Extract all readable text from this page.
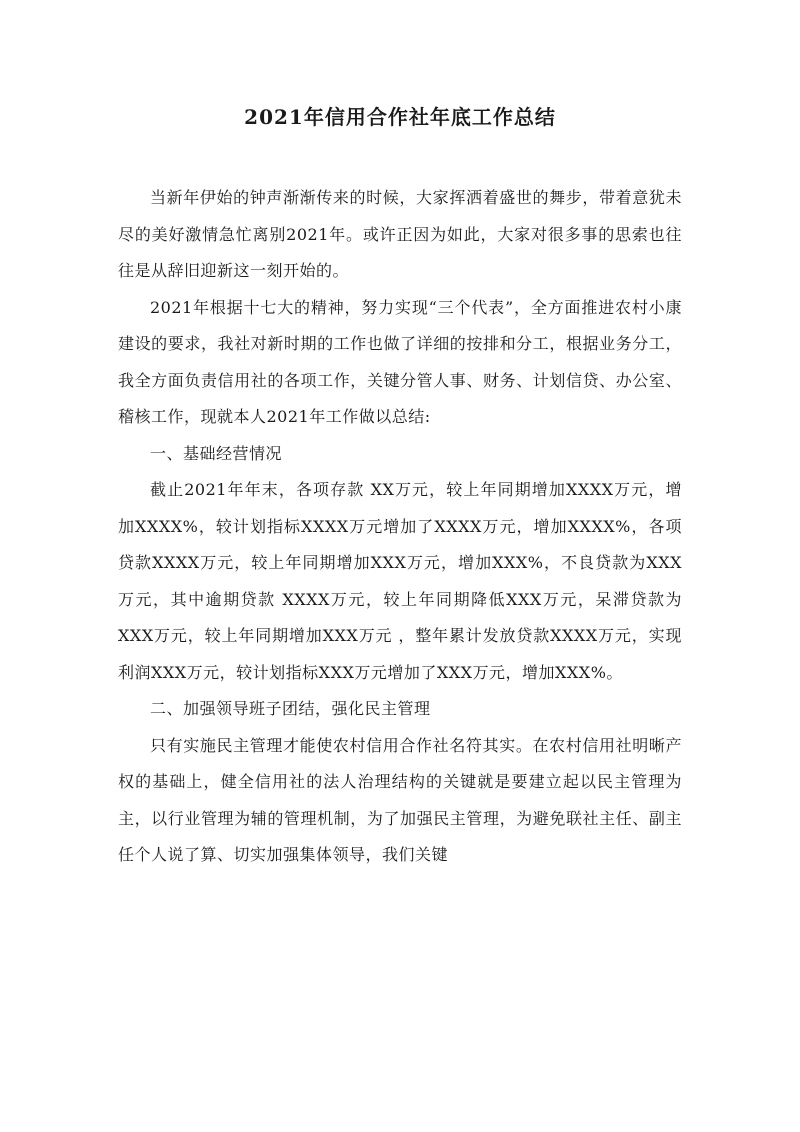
2021年信用合作社年底工作总结

当新年伊始的钟声渐渐传来的时候，大家挥洒着盛世的舞步，带着意犹未尽的美好激情急忙离别2021年。或许正因为如此，大家对很多事的思索也往往是从辞旧迎新这一刻开始的。

2021年根据十七大的精神，努力实现“三个代表”，全方面推进农村小康建设的要求，我社对新时期的工作也做了详细的按排和分工，根据业务分工，我全方面负责信用社的各项工作，关键分管人事、财务、计划信贷、办公室、稽核工作，现就本人2021年工作做以总结:

一、基础经营情况

截止2021年年末，各项存款 XX万元，较上年同期增加XXXX万元，增加XXXX%，较计划指标XXXX万元增加了XXXX万元，增加XXXX%，各项贷款XXXX万元，较上年同期增加XXX万元，增加XXX%，不良贷款为XXX万元，其中逾期贷款 XXXX万元，较上年同期降低XXX万元，呆滞贷款为XXX万元，较上年同期增加XXX万元 ，整年累计发放贷款XXXX万元，实现利润XXX万元，较计划指标XXX万元增加了XXX万元，增加XXX%。

二、加强领导班子团结，强化民主管理

只有实施民主管理才能使农村信用合作社名符其实。在农村信用社明晰产权的基础上，健全信用社的法人治理结构的关键就是要建立起以民主管理为主，以行业管理为辅的管理机制，为了加强民主管理，为避免联社主任、副主任个人说了算、切实加强集体领导，我们关键
